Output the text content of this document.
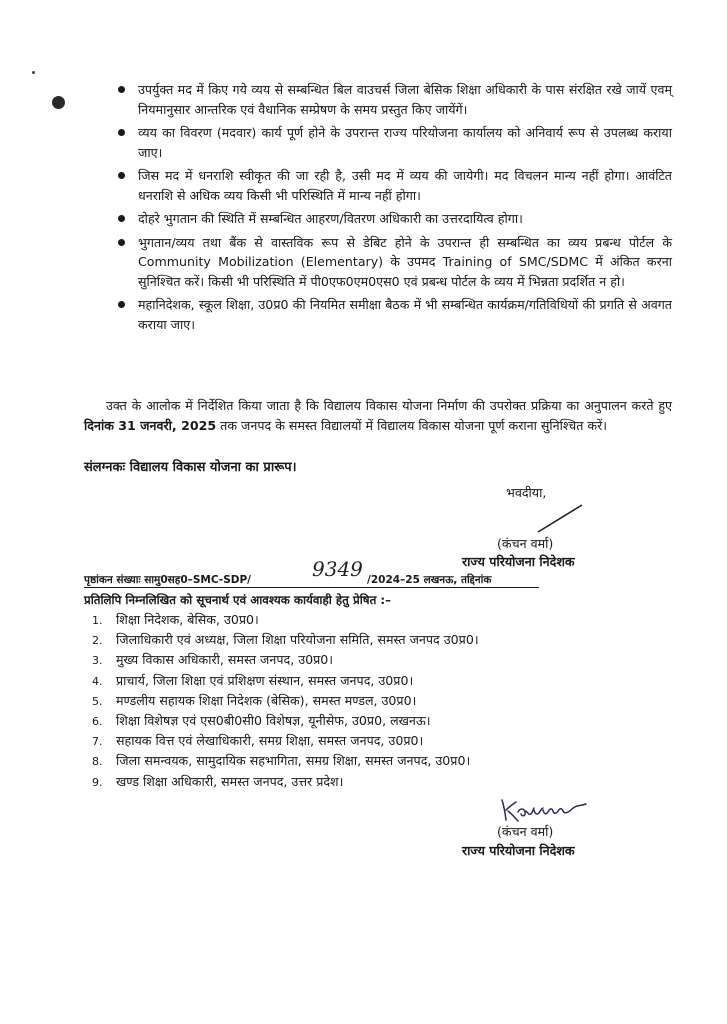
उपर्युक्त मद में किए गये व्यय से सम्बन्धित बिल वाउचर्स जिला बेसिक शिक्षा अधिकारी के पास संरक्षित रखे जायें एवम् नियमानुसार आन्तरिक एवं वैधानिक सम्प्रेषण के समय प्रस्तुत किए जायेंगें।
व्यय का विवरण (मदवार) कार्य पूर्ण होने के उपरान्त राज्य परियोजना कार्यालय को अनिवार्य रूप से उपलब्ध कराया जाए।
जिस मद में धनराशि स्वीकृत की जा रही है, उसी मद में व्यय की जायेगी। मद विचलन मान्य नहीं होगा। आवंटित धनराशि से अधिक व्यय किसी भी परिस्थिति में मान्य नहीं होगा।
दोहरे भुगतान की स्थिति में सम्बन्धित आहरण/वितरण अधिकारी का उत्तरदायित्व होगा।
भुगतान/व्यय तथा बैंक से वास्तविक रूप से डेबिट होने के उपरान्त ही सम्बन्धित का व्यय प्रबन्ध पोर्टल के Community Mobilization (Elementary) के उपमद Training of SMC/SDMC में अंकित करना सुनिश्चित करें। किसी भी परिस्थिति में पी0एफ0एम0एस0 एवं प्रबन्ध पोर्टल के व्यय में भिन्नता प्रदर्शित न हो।
महानिदेशक, स्कूल शिक्षा, उ0प्र0 की नियमित समीक्षा बैठक में भी सम्बन्धित कार्यक्रम/गतिविधियों की प्रगति से अवगत कराया जाए।
उक्त के आलोक में निर्देशित किया जाता है कि विद्यालय विकास योजना निर्माण की उपरोक्त प्रक्रिया का अनुपालन करते हुए दिनांक 31 जनवरी, 2025 तक जनपद के समस्त विद्यालयों में विद्यालय विकास योजना पूर्ण कराना सुनिश्चित करें।
संलग्नकः विद्यालय विकास योजना का प्रारूप।
भवदीया,
(कंचन वर्मा)
राज्य परियोजना निदेशक
पृष्ठांकन संख्याः सामु0सह0–SMC-SDP/	9349 /2024–25 लखनऊ, तद्दिनांक
प्रतिलिपि निम्नलिखित को सूचनार्थ एवं आवश्यक कार्यवाही हेतु प्रेषित :–
1. शिक्षा निदेशक, बेसिक, उ0प्र0।
2. जिलाधिकारी एवं अध्यक्ष, जिला शिक्षा परियोजना समिति, समस्त जनपद उ0प्र0।
3. मुख्य विकास अधिकारी, समस्त जनपद, उ0प्र0।
4. प्राचार्य, जिला शिक्षा एवं प्रशिक्षण संस्थान, समस्त जनपद, उ0प्र0।
5. मण्डलीय सहायक शिक्षा निदेशक (बेसिक), समस्त मण्डल, उ0प्र0।
6. शिक्षा विशेषज्ञ एवं एस0बी0सी0 विशेषज्ञ, यूनीसेफ, उ0प्र0, लखनऊ।
7. सहायक वित्त एवं लेखाधिकारी, समग्र शिक्षा, समस्त जनपद, उ0प्र0।
8. जिला समन्वयक, सामुदायिक सहभागिता, समग्र शिक्षा, समस्त जनपद, उ0प्र0।
9. खण्ड शिक्षा अधिकारी, समस्त जनपद, उत्तर प्रदेश।
(कंचन वर्मा)
राज्य परियोजना निदेशक
